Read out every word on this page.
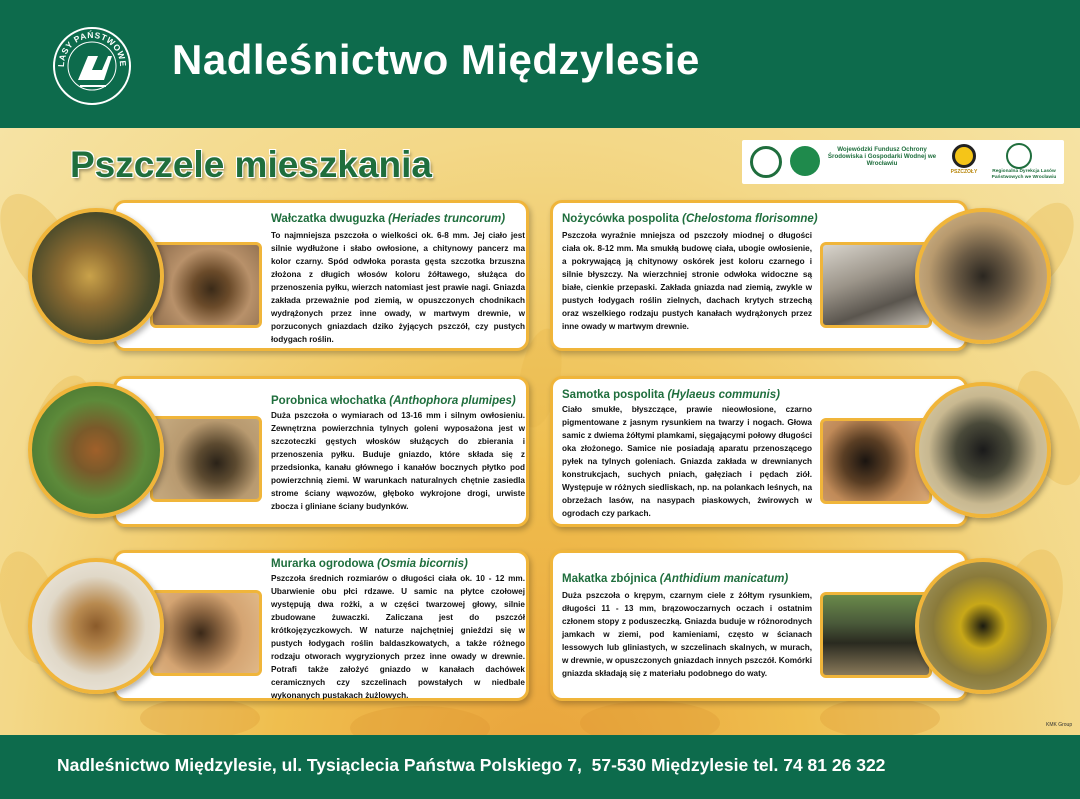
LASY PAŃSTWOWE Nadleśnictwo Międzylesie
Pszczele mieszkania	Wojewódzki Fundusz Ochrony Środowiska i Gospodarki Wodnej we Wrocławiu
PSZCZOŁY	Regionalna Dyrekcja Lasów Państwowych we Wrocławiu
Wałczatka dwuguzka (Heriades truncorum)
To najmniejsza pszczoła o wielkości ok. 6-8 mm. Jej ciało jest silnie wydłużone i słabo owłosione, a chitynowy pancerz ma kolor czarny. Spód odwłoka porasta gęsta szczotka brzuszna złożona z długich włosów koloru żółtawego, służąca do przenoszenia pyłku, wierzch natomiast jest prawie nagi. Gniazda zakłada przeważnie pod ziemią, w opuszczonych chodnikach wydrążonych przez inne owady, w martwym drewnie, w porzuconych gniazdach dziko żyjących pszczół, czy pustych łodygach roślin.
Nożycówka pospolita (Chelostoma florisomne)
Pszczoła wyraźnie mniejsza od pszczoły miodnej o długości ciała ok. 8-12 mm. Ma smukłą budowę ciała, ubogie owłosienie, a pokrywającą ją chitynowy oskórek jest koloru czarnego i silnie błyszczy. Na wierzchniej stronie odwłoka widoczne są białe, cienkie przepaski. Zakłada gniazda nad ziemią, zwykle w pustych łodygach roślin zielnych, dachach krytych strzechą oraz wszelkiego rodzaju pustych kanałach wydrążonych przez inne owady w martwym drewnie.
Porobnica włochatka (Anthophora plumipes)
Duża pszczoła o wymiarach od 13-16 mm i silnym owłosieniu. Zewnętrzna powierzchnia tylnych goleni wyposażona jest w szczoteczki gęstych włosków służących do zbierania i przenoszenia pyłku. Buduje gniazdo, które składa się z przedsionka, kanału głównego i kanałów bocznych płytko pod powierzchnią ziemi. W warunkach naturalnych chętnie zasiedla strome ściany wąwozów, głęboko wykrojone drogi, urwiste zbocza i gliniane ściany budynków.
Samotka pospolita (Hylaeus communis)
Ciało smukłe, błyszczące, prawie nieowłosione, czarno pigmentowane z jasnym rysunkiem na twarzy i nogach. Głowa samic z dwiema żółtymi plamkami, sięgającymi połowy długości oka złożonego. Samice nie posiadają aparatu przenoszącego pyłek na tylnych goleniach. Gniazda zakłada w drewnianych konstrukcjach, suchych pniach, gałęziach i pędach ziół. Występuje w różnych siedliskach, np. na polankach leśnych, na obrzeżach lasów, na nasypach piaskowych, żwirowych w ogrodach czy parkach.
Murarka ogrodowa (Osmia bicornis)
Pszczoła średnich rozmiarów o długości ciała ok. 10 - 12 mm. Ubarwienie obu płci rdzawe. U samic na płytce czołowej występują dwa rożki, a w części twarzowej głowy, silnie zbudowane żuwaczki. Zaliczana jest do pszczół krótkojęzyczkowych. W naturze najchętniej gnieździ się w pustych łodygach roślin baldaszkowatych, a także różnego rodzaju otworach wygryzionych przez inne owady w drewnie. Potrafi także założyć gniazdo w kanałach dachówek ceramicznych czy szczelinach powstałych w niedbale wykonanych pustakach żużlowych.
Makatka zbójnica (Anthidium manicatum)
Duża pszczoła o krępym, czarnym ciele z żółtym rysunkiem, długości 11 - 13 mm, brązowoczarnych oczach i ostatnim członem stopy z poduszeczką. Gniazda buduje w różnorodnych jamkach w ziemi, pod kamieniami, często w ścianach lessowych lub gliniastych, w szczelinach skalnych, w murach, w drewnie, w opuszczonych gniazdach innych pszczół. Komórki gniazda składają się z materiału podobnego do waty.
KMK Group
Nadleśnictwo Międzylesie, ul. Tysiąclecia Państwa Polskiego 7,  57-530 Międzylesie tel. 74 81 26 322
